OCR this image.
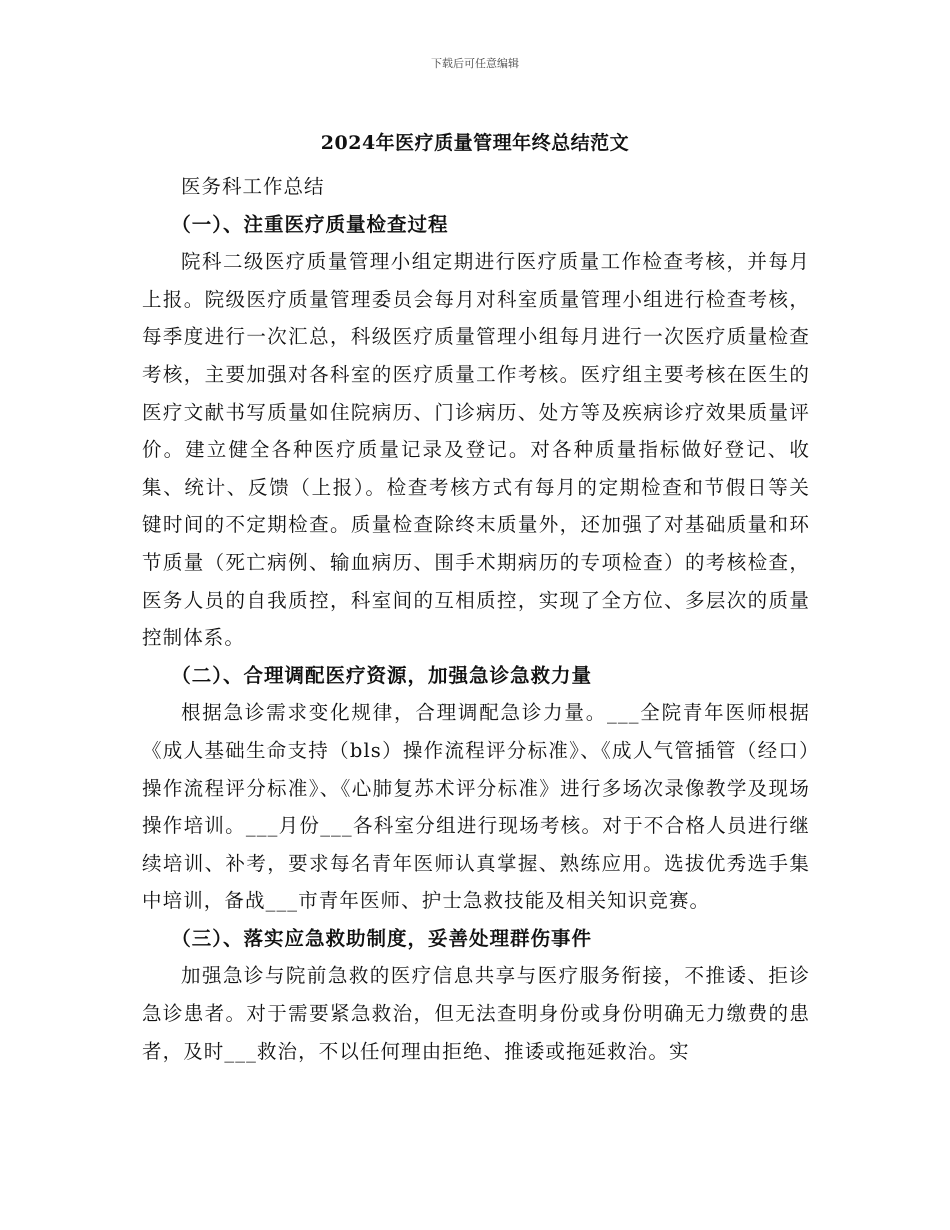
下载后可任意编辑
2024年医疗质量管理年终总结范文

医务科工作总结

（一）、注重医疗质量检查过程

院科二级医疗质量管理小组定期进行医疗质量工作检查考核，并每月上报。院级医疗质量管理委员会每月对科室质量管理小组进行检查考核，每季度进行一次汇总，科级医疗质量管理小组每月进行一次医疗质量检查考核，主要加强对各科室的医疗质量工作考核。医疗组主要考核在医生的医疗文献书写质量如住院病历、门诊病历、处方等及疾病诊疗效果质量评价。建立健全各种医疗质量记录及登记。对各种质量指标做好登记、收集、统计、反馈（上报）。检查考核方式有每月的定期检查和节假日等关键时间的不定期检查。质量检查除终末质量外，还加强了对基础质量和环节质量（死亡病例、输血病历、围手术期病历的专项检查）的考核检查，医务人员的自我质控，科室间的互相质控，实现了全方位、多层次的质量控制体系。

（二）、合理调配医疗资源，加强急诊急救力量

根据急诊需求变化规律，合理调配急诊力量。___全院青年医师根据《成人基础生命支持（bls）操作流程评分标准》、《成人气管插管（经口）操作流程评分标准》、《心肺复苏术评分标准》进行多场次录像教学及现场操作培训。___月份___各科室分组进行现场考核。对于不合格人员进行继续培训、补考，要求每名青年医师认真掌握、熟练应用。选拔优秀选手集中培训，备战___市青年医师、护士急救技能及相关知识竞赛。

（三）、落实应急救助制度，妥善处理群伤事件

加强急诊与院前急救的医疗信息共享与医疗服务衔接，不推诿、拒诊急诊患者。对于需要紧急救治，但无法查明身份或身份明确无力缴费的患者，及时___救治，不以任何理由拒绝、推诿或拖延救治。实
